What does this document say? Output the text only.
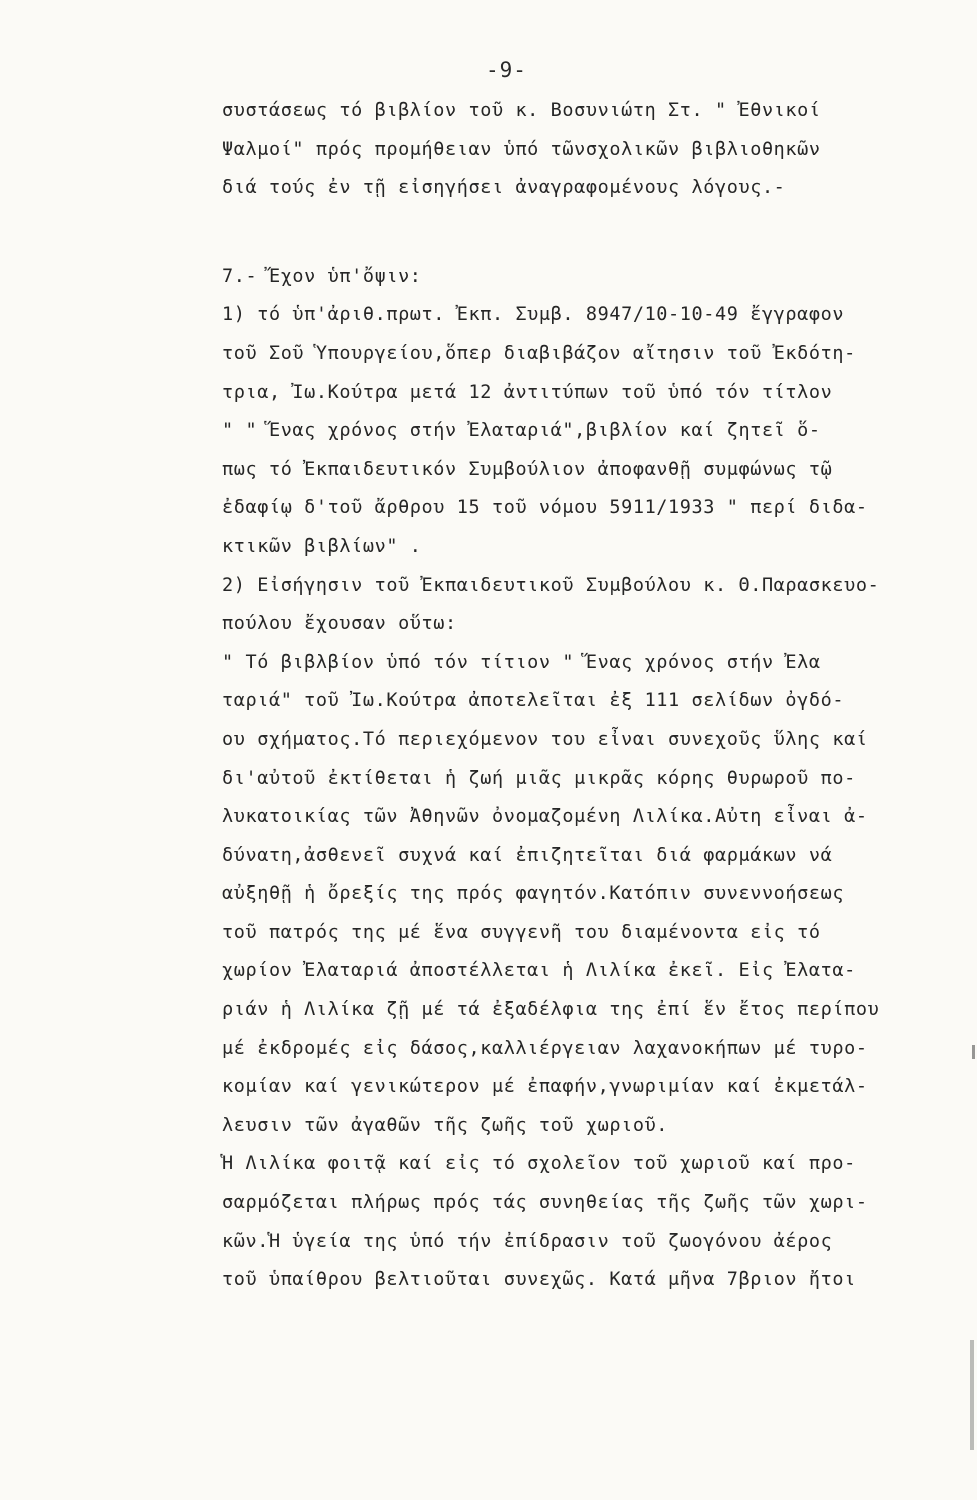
-9-
συστάσεως τό βιβλίον τοῦ κ. Βοσυνιώτη Στ. " Ἐθνικοί
Ψαλμοί" πρός προμήθειαν ὑπό τῶνσχολικῶν βιβλιοθηκῶν
διά τούς ἐν τῇ εἰσηγήσει ἀναγραφομένους λόγους.-
7.- Ἔχον ὑπ'ὄψιν:
1) τό ὑπ'ἀριθ.πρωτ. Ἐκπ. Συμβ. 8947/10-10-49 ἔγγραφον
τοῦ Σοῦ Ὑπουργείου,ὅπερ διαβιβάζον αἴτησιν τοῦ Ἐκδότη-
τρια, Ἰω.Κούτρα μετά 12 ἀντιτύπων τοῦ ὑπό τόν τίτλον
" " Ἕνας χρόνος στήν Ἐλαταριά",βιβλίον καί ζητεῖ ὅ-
πως τό Ἐκπαιδευτικόν Συμβούλιον ἀποφανθῇ συμφώνως τῷ
ἐδαφίῳ δ'τοῦ ἄρθρου 15 τοῦ νόμου 5911/1933 " περί διδα-
κτικῶν βιβλίων" .
2) Εἰσήγησιν τοῦ Ἐκπαιδευτικοῦ Συμβούλου κ. Θ.Παρασκευο-
πούλου ἔχουσαν οὕτω:
" Τό βιβλβίον ὑπό τόν τίτιον " Ἕνας χρόνος στήν Ἐλα
ταριά" τοῦ Ἰω.Κούτρα ἀποτελεῖται ἐξ 111 σελίδων ὀγδό-
ου σχήματος.Τό περιεχόμενον του εἶναι συνεχοῦς ὕλης καί
δι'αὐτοῦ ἐκτίθεται ἡ ζωή μιᾶς μικρᾶς κόρης θυρωροῦ πο-
λυκατοικίας τῶν Ἀθηνῶν ὀνομαζομένη Λιλίκα.Αὐτη εἶναι ἀ-
δύνατη,ἀσθενεῖ συχνά καί ἐπιζητεῖται διά φαρμάκων νά
αὐξηθῇ ἡ ὄρεξίς της πρός φαγητόν.Κατόπιν συνεννοήσεως
τοῦ πατρός της μέ ἕνα συγγενῆ του διαμένοντα εἰς τό
χωρίον Ἐλαταριά ἀποστέλλεται ἡ Λιλίκα ἐκεῖ. Εἰς Ἐλατα-
ριάν ἡ Λιλίκα ζῇ μέ τά ἐξαδέλφια της ἐπί ἕν ἔτος περίπου
μέ ἐκδρομές εἰς δάσος,καλλιέργειαν λαχανοκήπων μέ τυρο-
κομίαν καί γενικώτερον μέ ἐπαφήν,γνωριμίαν καί ἐκμετάλ-
λευσιν τῶν ἀγαθῶν τῆς ζωῆς τοῦ χωριοῦ.
Ἡ Λιλίκα φοιτᾷ καί εἰς τό σχολεῖον τοῦ χωριοῦ καί προ-
σαρμόζεται πλήρως πρός τάς συνηθείας τῆς ζωῆς τῶν χωρι-
κῶν.Ἡ ὑγεία της ὑπό τήν ἐπίδρασιν τοῦ ζωογόνου ἀέρος
τοῦ ὑπαίθρου βελτιοῦται συνεχῶς. Κατά μῆνα 7βριον ἤτοι
